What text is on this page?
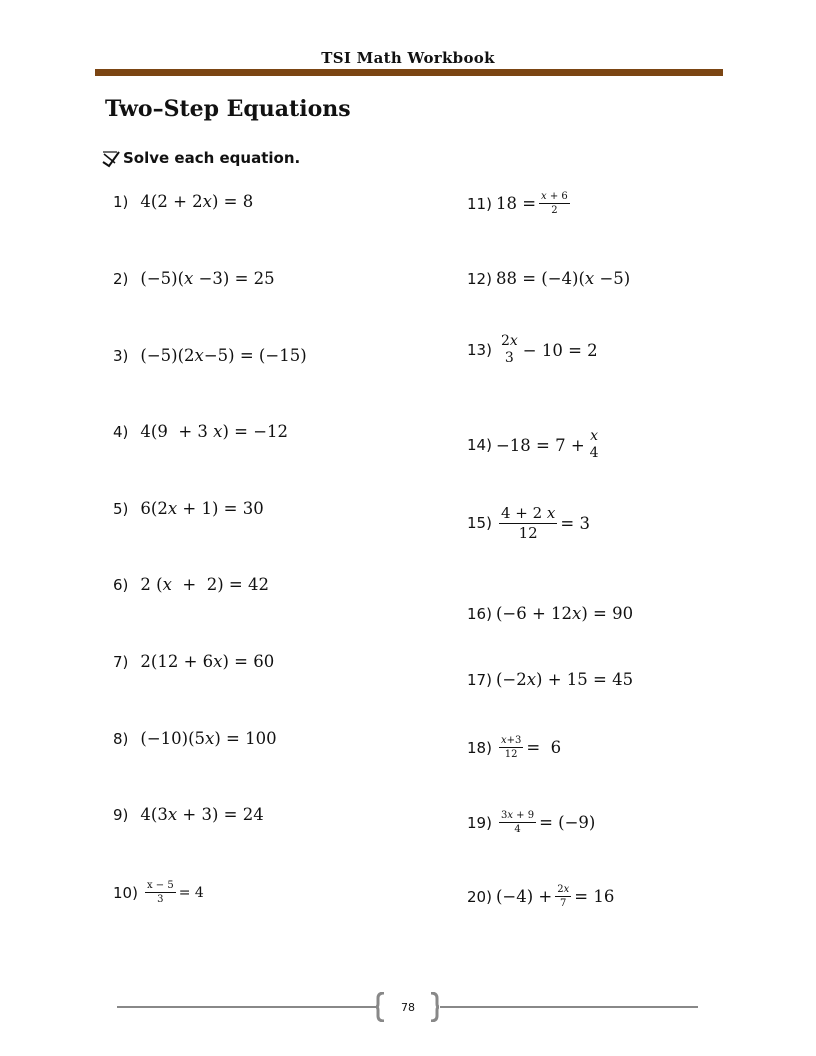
TSI Math Workbook
Two–Step Equations
Solve each equation.
1) 4(2 + 2x) = 8
2) (−5)(x −3) = 25
3) (−5)(2x−5) = (−15)
4) 4(9  + 3 x) = −12
5) 6(2x + 1) = 30
6) 2 (x  +  2) = 42
7) 2(12 + 6x) = 60
8) (−10)(5x) = 100
9) 4(3x + 3) = 24
$10) \frac{x - 5}{3} = 4$
11) $18 = \frac{x + 6}{2}$
12) 88 = (−4)(x −5)
13)
2x
3 − 10 = 2
14) −18 = 7 + x
4
$15) \frac{4 + 2 x}{12} = 3$
16) (−6 + 12x) = 90
17) (−2x) + 15 = 45
$18) \frac{x+3}{12} = 6$
$19) \frac{3x + 9}{4} = (-9)$
20) $(-4) + \frac{2x}{7} = 16$
78
